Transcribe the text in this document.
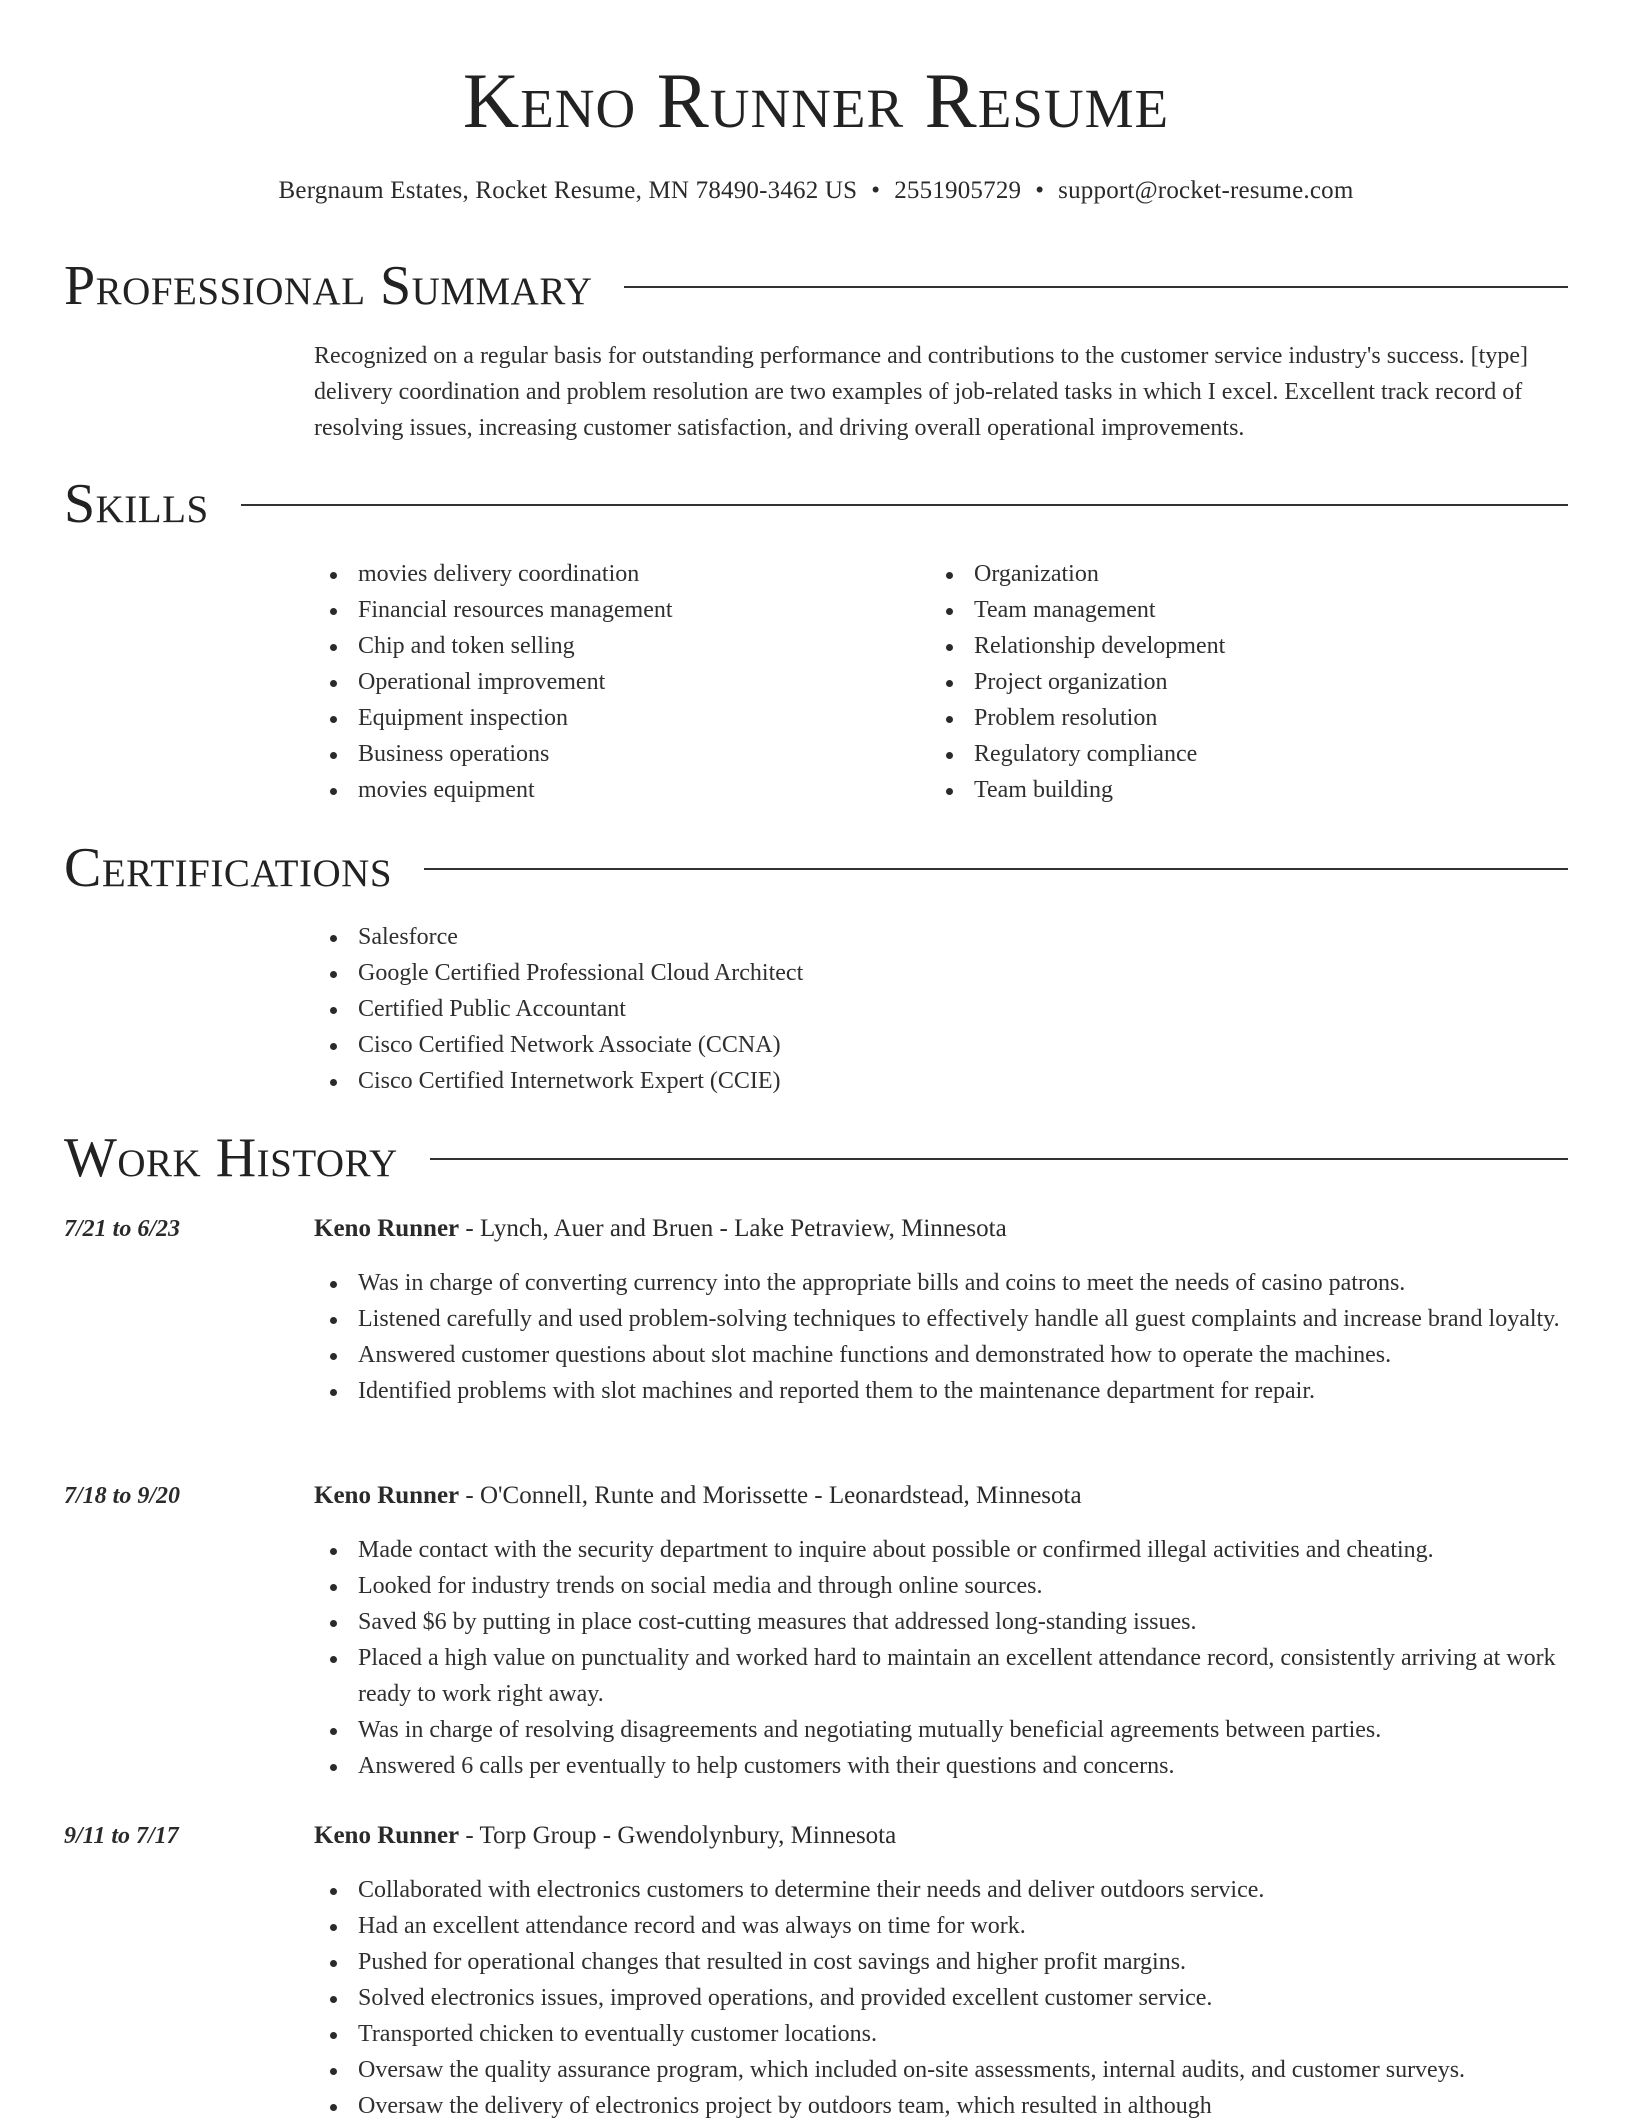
Keno Runner Resume
Bergnaum Estates, Rocket Resume, MN 78490-3462 US • 2551905729 • support@rocket-resume.com
Professional Summary

Recognized on a regular basis for outstanding performance and contributions to the customer service industry's success. [type] delivery coordination and problem resolution are two examples of job-related tasks in which I excel. Excellent track record of resolving issues, increasing customer satisfaction, and driving overall operational improvements.

Skills
movies delivery coordination
Financial resources management
Chip and token selling
Operational improvement
Equipment inspection
Business operations
movies equipment
Organization
Team management
Relationship development
Project organization
Problem resolution
Regulatory compliance
Team building
Certifications
Salesforce
Google Certified Professional Cloud Architect
Certified Public Accountant
Cisco Certified Network Associate (CCNA)
Cisco Certified Internetwork Expert (CCIE)
Work History
7/21 to 6/23	Keno Runner - Lynch, Auer and Bruen - Lake Petraview, Minnesota
Was in charge of converting currency into the appropriate bills and coins to meet the needs of casino patrons.
Listened carefully and used problem-solving techniques to effectively handle all guest complaints and increase brand loyalty.
Answered customer questions about slot machine functions and demonstrated how to operate the machines.
Identified problems with slot machines and reported them to the maintenance department for repair.
7/18 to 9/20	Keno Runner - O'Connell, Runte and Morissette - Leonardstead, Minnesota
Made contact with the security department to inquire about possible or confirmed illegal activities and cheating.
Looked for industry trends on social media and through online sources.
Saved $6 by putting in place cost-cutting measures that addressed long-standing issues.
Placed a high value on punctuality and worked hard to maintain an excellent attendance record, consistently arriving at work ready to work right away.
Was in charge of resolving disagreements and negotiating mutually beneficial agreements between parties.
Answered 6 calls per eventually to help customers with their questions and concerns.
9/11 to 7/17	Keno Runner - Torp Group - Gwendolynbury, Minnesota
Collaborated with electronics customers to determine their needs and deliver outdoors service.
Had an excellent attendance record and was always on time for work.
Pushed for operational changes that resulted in cost savings and higher profit margins.
Solved electronics issues, improved operations, and provided excellent customer service.
Transported chicken to eventually customer locations.
Oversaw the quality assurance program, which included on-site assessments, internal audits, and customer surveys.
Oversaw the delivery of electronics project by outdoors team, which resulted in although
